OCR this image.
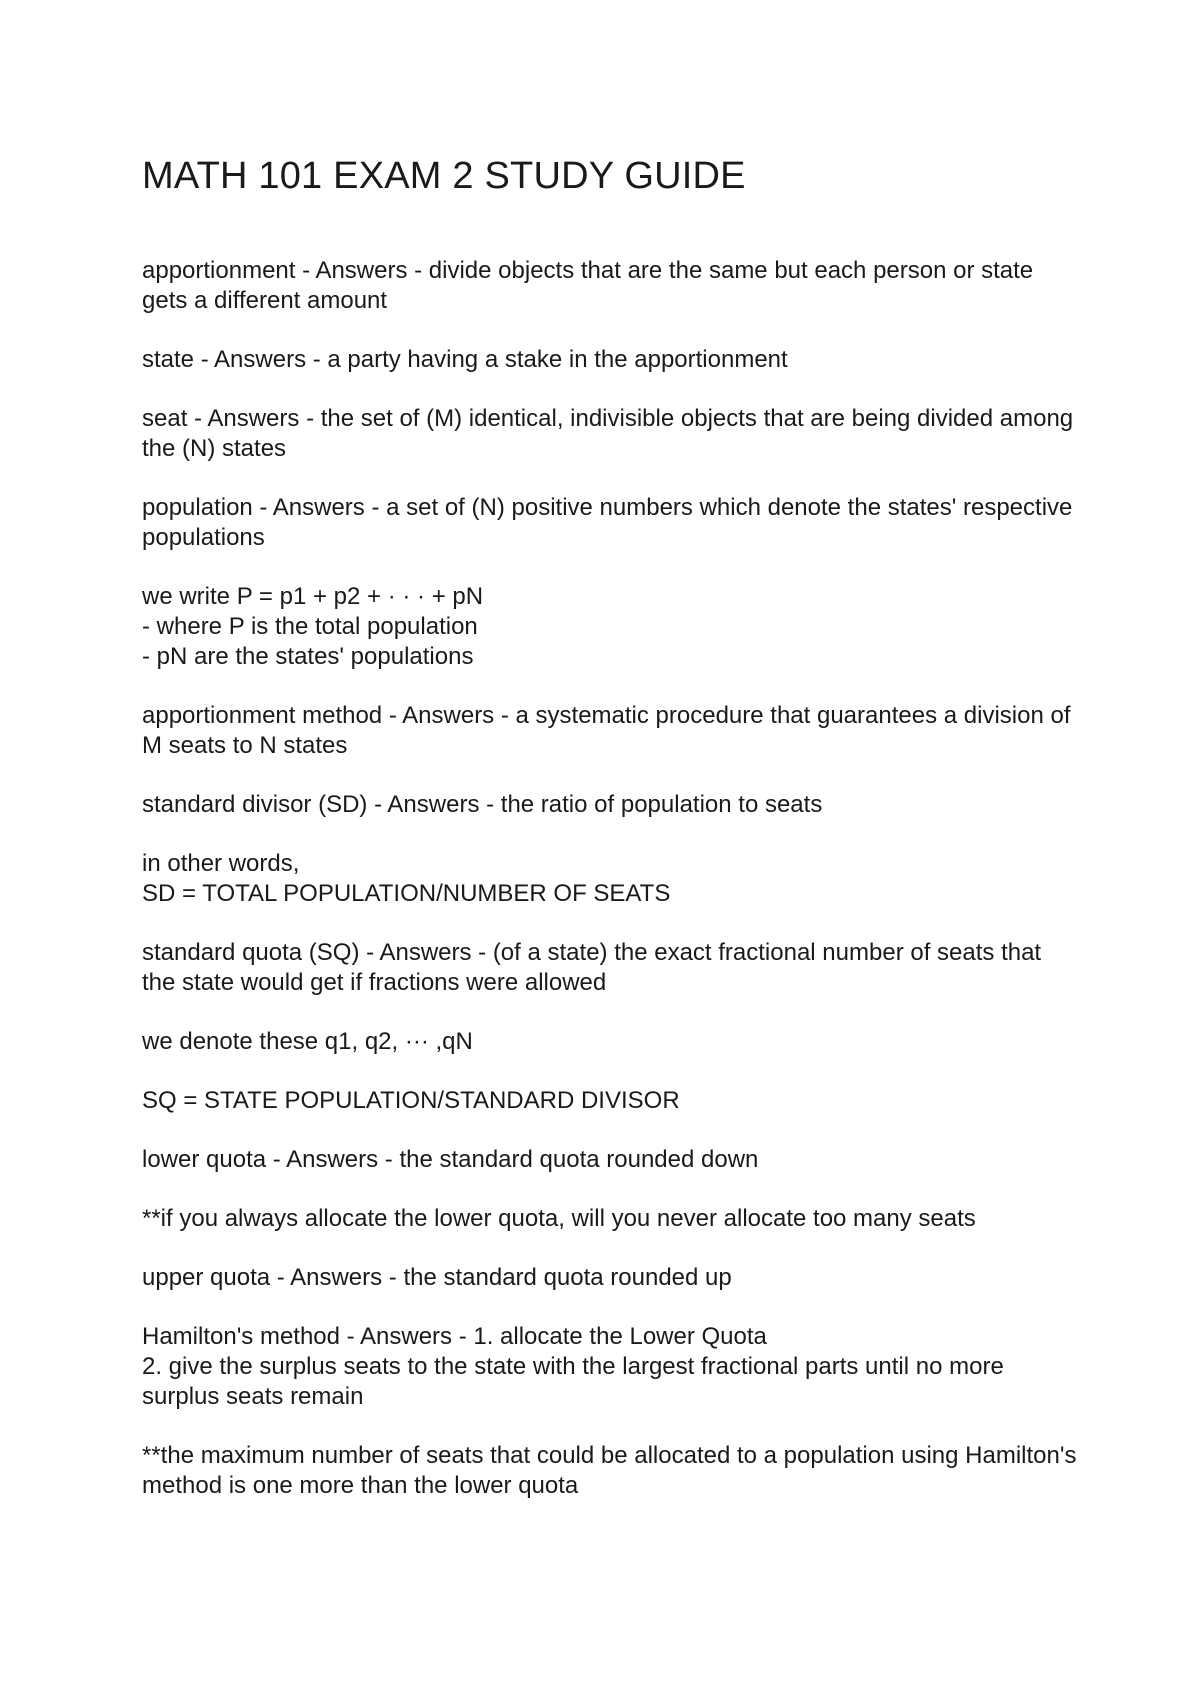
MATH 101 EXAM 2 STUDY GUIDE

apportionment - Answers - divide objects that are the same but each person or state
gets a different amount

state - Answers - a party having a stake in the apportionment

seat - Answers - the set of (M) identical, indivisible objects that are being divided among
the (N) states

population - Answers - a set of (N) positive numbers which denote the states' respective
populations

we write P = p1 + p2 + · · · + pN
- where P is the total population
- pN are the states' populations

apportionment method - Answers - a systematic procedure that guarantees a division of
M seats to N states

standard divisor (SD) - Answers - the ratio of population to seats

in other words,
SD = TOTAL POPULATION/NUMBER OF SEATS

standard quota (SQ) - Answers - (of a state) the exact fractional number of seats that
the state would get if fractions were allowed

we denote these q1, q2, ··· ,qN

SQ = STATE POPULATION/STANDARD DIVISOR

lower quota - Answers - the standard quota rounded down

**if you always allocate the lower quota, will you never allocate too many seats

upper quota - Answers - the standard quota rounded up

Hamilton's method - Answers - 1. allocate the Lower Quota
2. give the surplus seats to the state with the largest fractional parts until no more
surplus seats remain

**the maximum number of seats that could be allocated to a population using Hamilton's
method is one more than the lower quota
